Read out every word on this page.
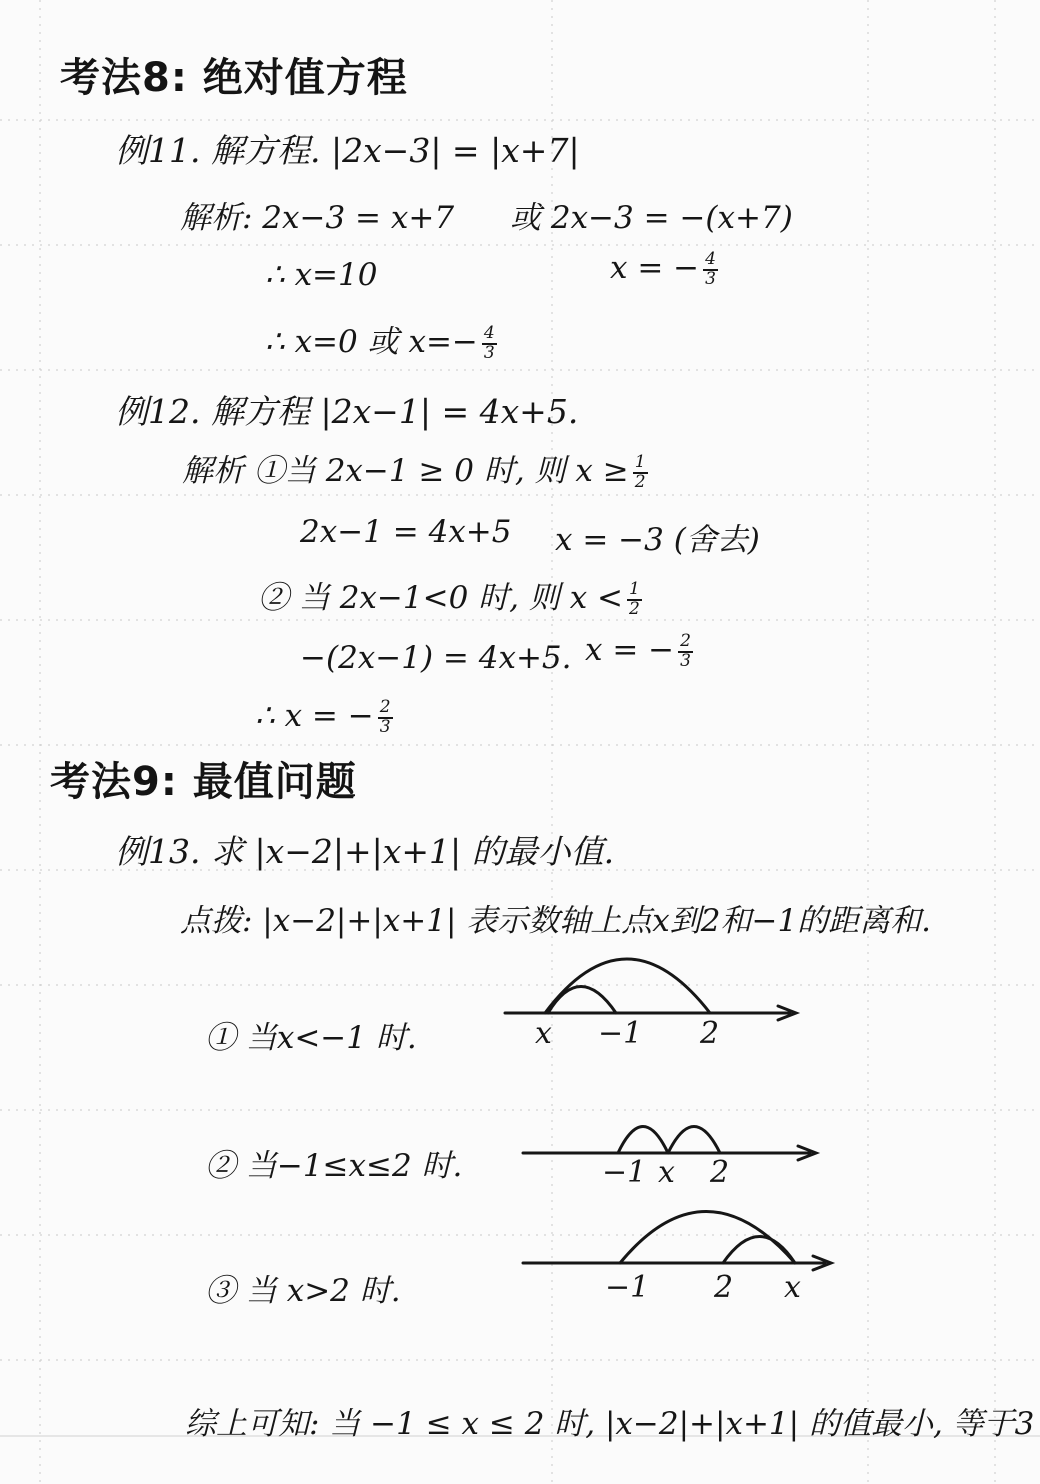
考法8: 绝对值方程
例11. 解方程. |2x−3| = |x+7|
解析: 2x−3 = x+7 或 2x−3 = −(x+7)
∴ x=10	x = − $\frac{4}{3}$
∴ x=0 或 $x=- \frac{4}{3}$
例12. 解方程 |2x−1| = 4x+5.
解析 ①当 2x−1 ≥ 0 时, 则 $x \ge \frac{1}{2}$
2x−1 = 4x+5 x = −3 (舍去)
② 当 2x−1<0 时, 则 $x < \frac{1}{2}$
−(2x−1) = 4x+5. x = − $\frac{2}{3}$
∴ x = − $\frac{2}{3}$
考法9: 最值问题
例13. 求 |x−2|+|x+1| 的最小值.
点拨: |x−2|+|x+1| 表示数轴上点x到2和−1的距离和.
① 当x<−1 时.	x −1 2
② 当−1≤x≤2 时.	−1 x 2
③ 当 x>2 时.	−1 2 x
综上可知: 当 −1 ≤ x ≤ 2 时, |x−2|+|x+1| 的值最小, 等于3
